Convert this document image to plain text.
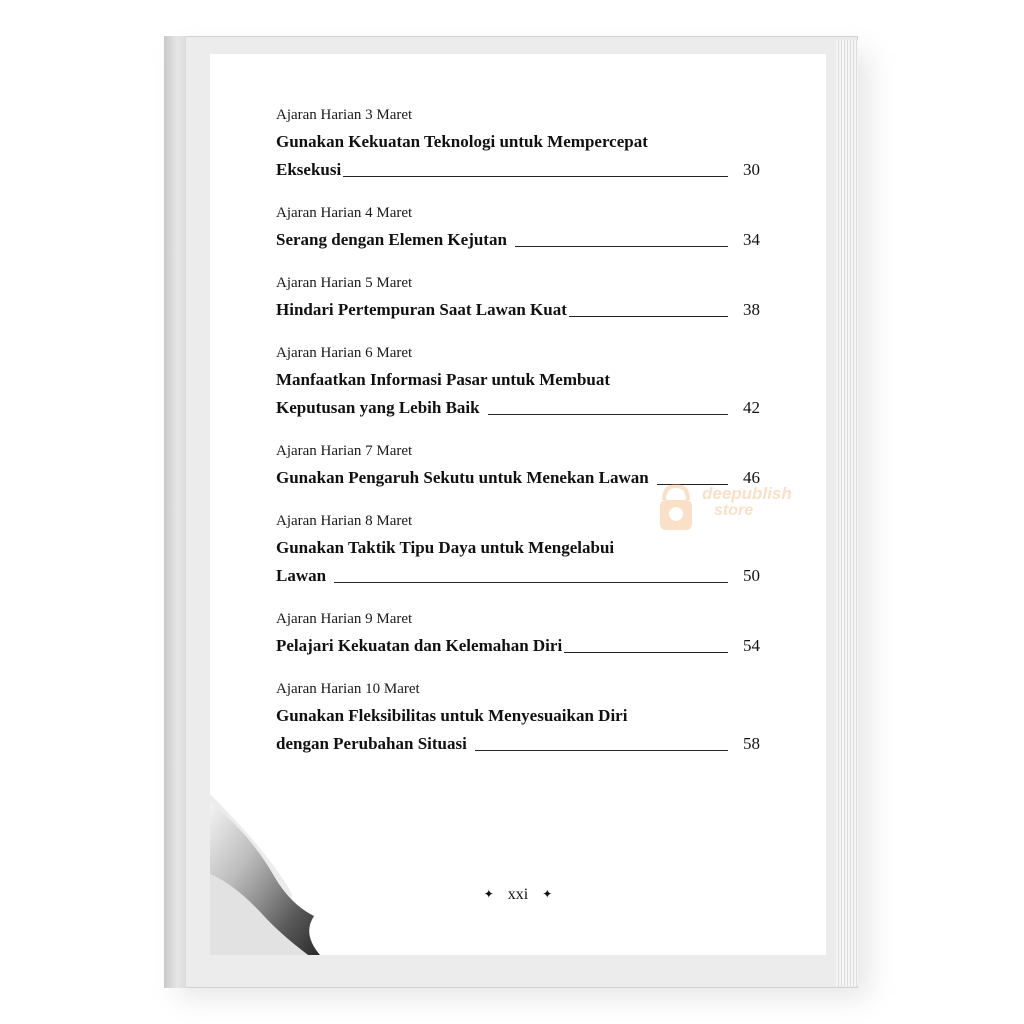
Ajaran Harian 3 Maret
Gunakan Kekuatan Teknologi untuk Mempercepat
Eksekusi	30
Ajaran Harian 4 Maret
Serang dengan Elemen Kejutan	34
Ajaran Harian 5 Maret
Hindari Pertempuran Saat Lawan Kuat	38
Ajaran Harian 6 Maret
Manfaatkan Informasi Pasar untuk Membuat
Keputusan yang Lebih Baik	42
Ajaran Harian 7 Maret
Gunakan Pengaruh Sekutu untuk Menekan Lawan	46
Ajaran Harian 8 Maret
Gunakan Taktik Tipu Daya untuk Mengelabui
Lawan	50
Ajaran Harian 9 Maret
Pelajari Kekuatan dan Kelemahan Diri	54
Ajaran Harian 10 Maret
Gunakan Fleksibilitas untuk Menyesuaikan Diri
dengan Perubahan Situasi	58
deepublish
store
✦ xxi ✦
